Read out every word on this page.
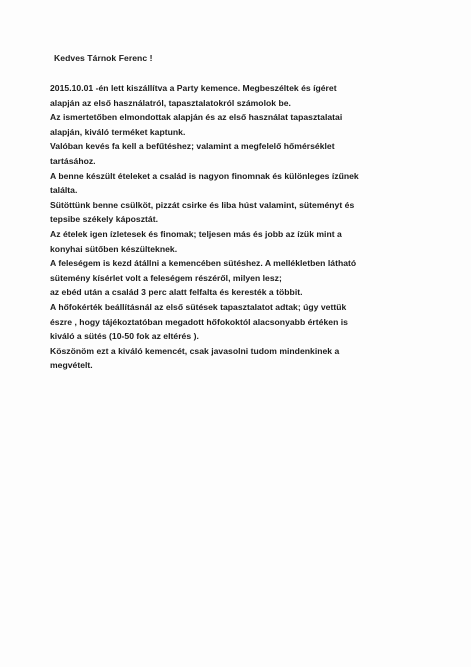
Kedves Tárnok Ferenc !
2015.10.01 -én lett kiszállítva a Party kemence. Megbeszéltek és ígéret
alapján az első használatról, tapasztalatokról számolok be.
Az ismertetőben elmondottak alapján és az első használat tapasztalatai
alapján, kiváló terméket kaptunk.
Valóban kevés fa kell a befűtéshez; valamint a megfelelő hőmérséklet
tartásához.
A benne készült ételeket a család is nagyon finomnak és különleges ízűnek
találta.
Sütöttünk benne csülköt, pizzát csirke és liba húst valamint, süteményt és
tepsibe székely káposztát.
Az ételek igen ízletesek és finomak; teljesen más és jobb az ízük mint a
konyhai sütőben készülteknek.
A feleségem is kezd átállni a kemencében sütéshez. A mellékletben látható
sütemény kísérlet volt a feleségem részéről, milyen lesz;
az ebéd után a család 3 perc alatt felfalta és keresték a többit.
A hőfokérték beállításnál az első sütések tapasztalatot adtak; úgy vettük
észre , hogy tájékoztatóban megadott hőfokoktól alacsonyabb értéken is
kiváló a sütés (10-50 fok az eltérés ).
Köszönöm ezt a kiváló kemencét, csak javasolni tudom mindenkinek a
megvételt.
